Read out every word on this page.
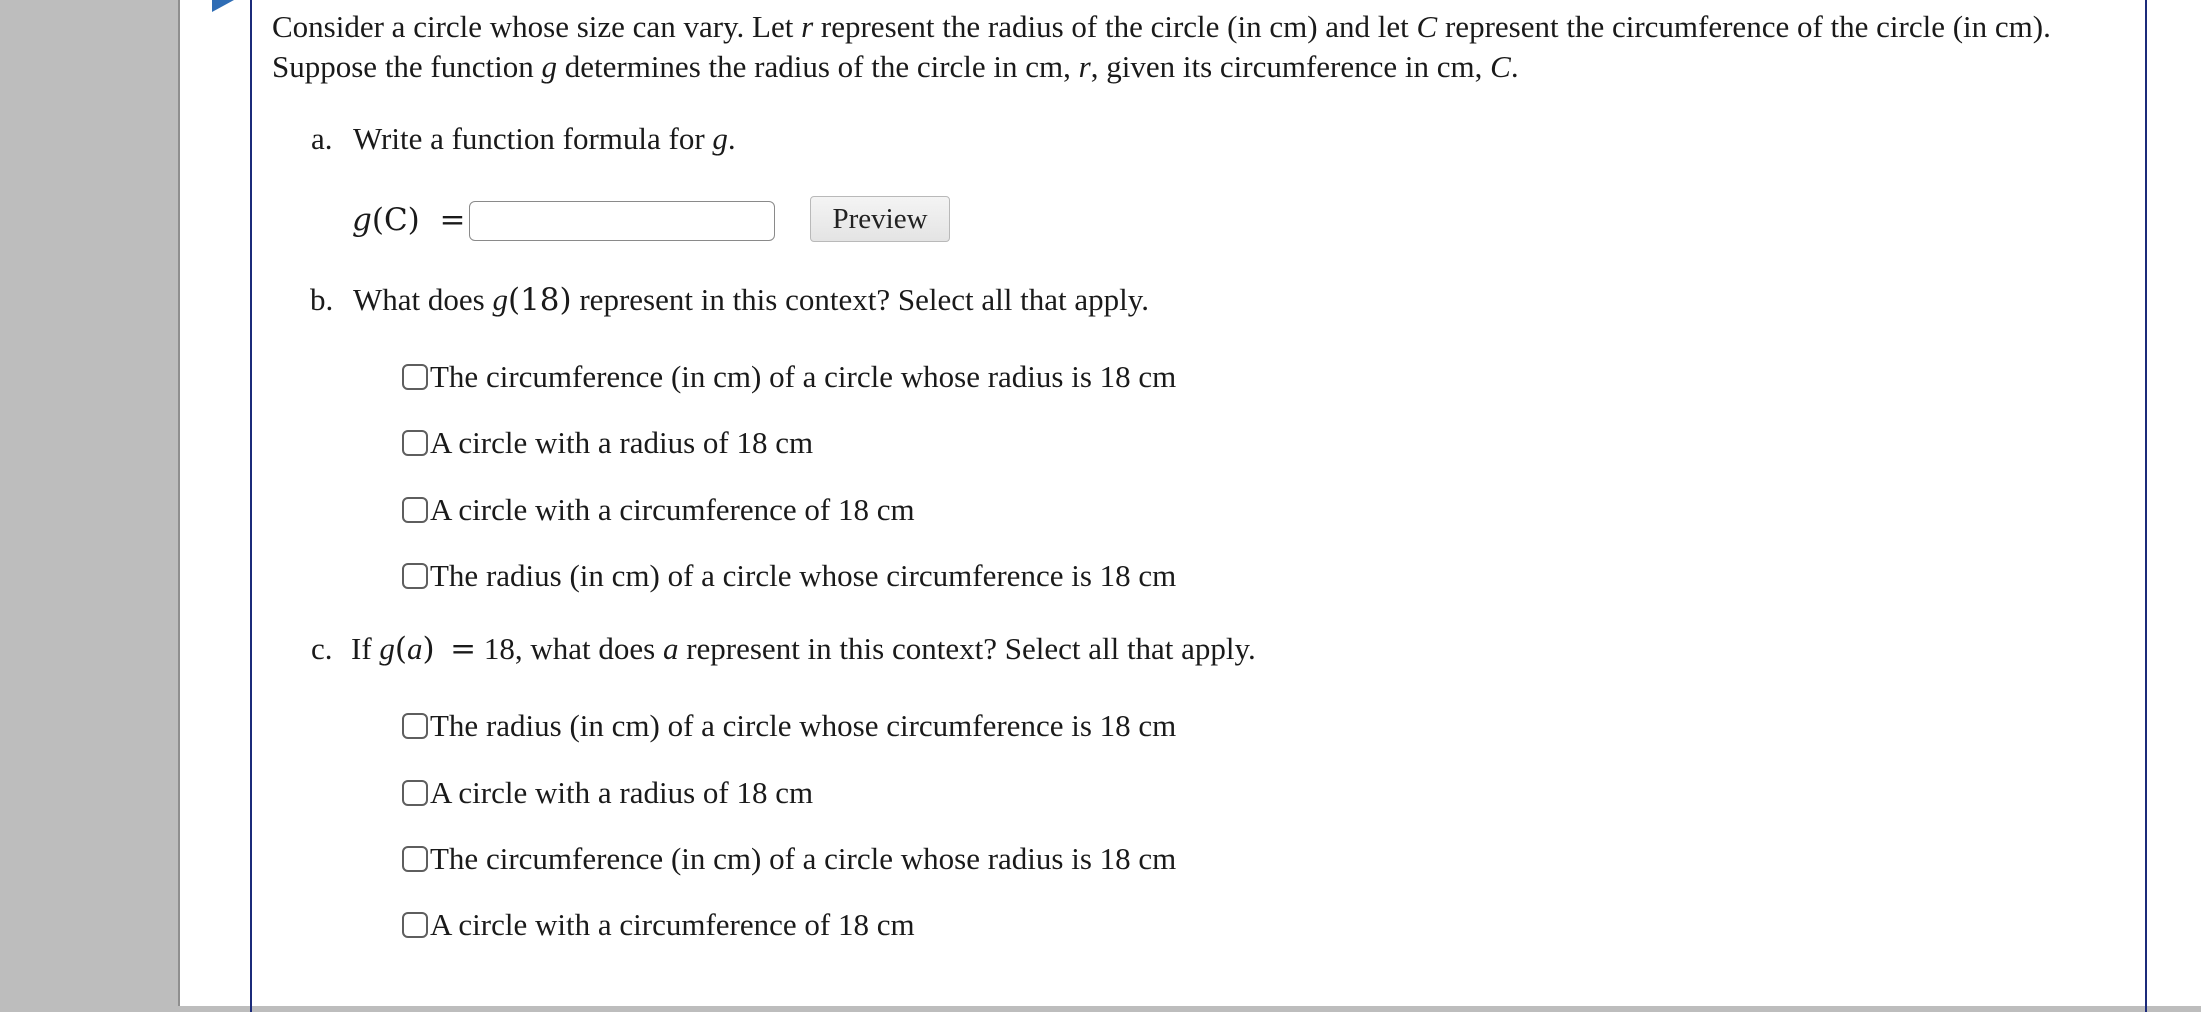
Consider a circle whose size can vary. Let r represent the radius of the circle (in cm) and let C represent the circumference of the circle (in cm).
Suppose the function g determines the radius of the circle in cm, r, given its circumference in cm, C.
a. Write a function formula for g.
g(C) =	Preview
b. What does g(18) represent in this context? Select all that apply.
The circumference (in cm) of a circle whose radius is 18 cm
A circle with a radius of 18 cm
A circle with a circumference of 18 cm
The radius (in cm) of a circle whose circumference is 18 cm
c. If g(a) = 18, what does a represent in this context? Select all that apply.
The radius (in cm) of a circle whose circumference is 18 cm
A circle with a radius of 18 cm
The circumference (in cm) of a circle whose radius is 18 cm
A circle with a circumference of 18 cm
